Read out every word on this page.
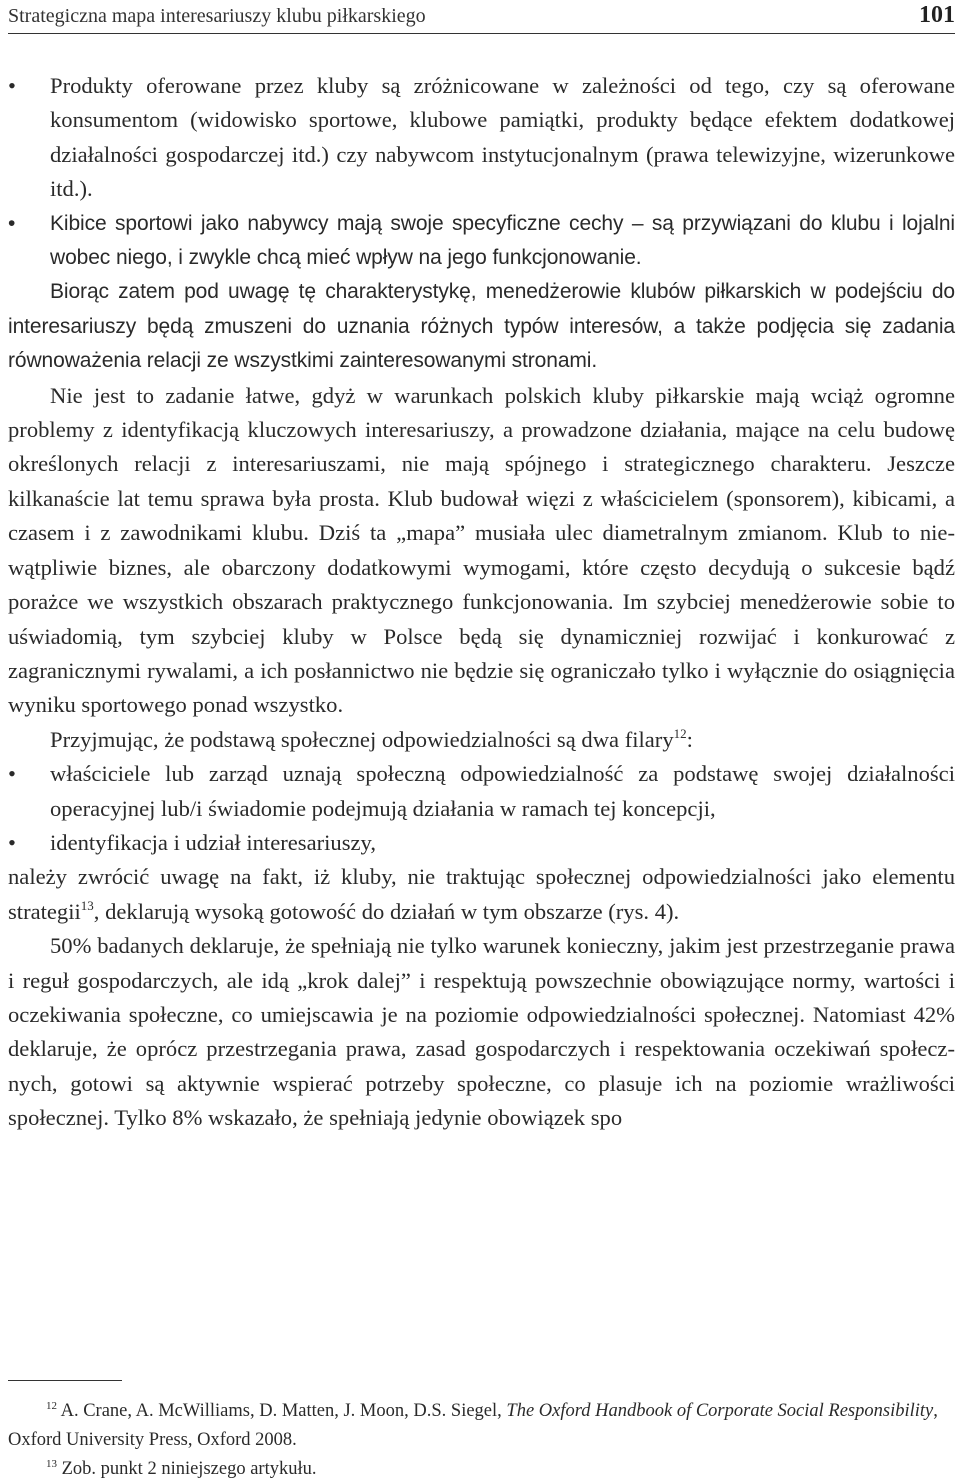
Strategiczna mapa interesariuszy klubu piłkarskiego	101

•	Produkty oferowane przez kluby są zróżnicowane w zależności od tego, czy są oferowane konsumentom (widowisko sportowe, klubowe pamiątki, produkty będące efektem dodatkowej działalności gospodarczej itd.) czy nabywcom instytucjonalnym (prawa telewizyjne, wizerunkowe itd.).

•	Kibice sportowi jako nabywcy mają swoje specyficzne cechy – są przywiązani do klubu i lojalni wobec niego, i zwykle chcą mieć wpływ na jego funkcjonowanie.

Biorąc zatem pod uwagę tę charakterystykę, menedżerowie klubów piłkarskich w podejściu do interesariuszy będą zmuszeni do uznania różnych typów interesów, a także podjęcia się zadania równoważenia relacji ze wszystkimi zainteresowanymi stronami.

Nie jest to zadanie łatwe, gdyż w warunkach polskich kluby piłkarskie mają wciąż ogromne problemy z identyfikacją kluczowych interesariuszy, a prowadzone działania, mające na celu budowę określonych relacji z interesariuszami, nie mają spójnego i strategicznego charakteru. Jeszcze kilkanaście lat temu sprawa była prosta. Klub budował więzi z właścicielem (sponsorem), kibicami, a czasem i z zawodnikami klubu. Dziś ta „mapa” musiała ulec diametralnym zmianom. Klub to niewątpliwie biznes, ale obarczony dodatkowymi wymogami, które często decydują o sukcesie bądź porażce we wszystkich obszarach praktycznego funkcjonowania. Im szybciej menedżerowie sobie to uświadomią, tym szybciej kluby w Polsce będą się dynamiczniej rozwijać i konkurować z zagranicznymi rywalami, a ich posłannictwo nie będzie się ograniczało tylko i wyłącznie do osiągnięcia wyniku sportowego ponad wszystko.

Przyjmując, że podstawą społecznej odpowiedzialności są dwa filary$^{12}$:

•	właściciele lub zarząd uznają społeczną odpowiedzialność za podstawę swojej działalności operacyjnej lub/i świadomie podejmują działania w ramach tej koncepcji,

•	identyfikacja i udział interesariuszy,

należy zwrócić uwagę na fakt, iż kluby, nie traktując społecznej odpowiedzialności jako elementu strategii$^{13}$, deklarują wysoką gotowość do działań w tym obszarze (rys. 4).

50% badanych deklaruje, że spełniają nie tylko warunek konieczny, jakim jest przestrzeganie prawa i reguł gospodarczych, ale idą „krok dalej” i respektują powszechnie obowiązujące normy, wartości i oczekiwania społeczne, co umiejscawia je na poziomie odpowiedzialności społecznej. Natomiast 42% deklaruje, że oprócz przestrzegania prawa, zasad gospodarczych i respektowania oczekiwań społecznych, gotowi są aktywnie wspierać potrzeby społeczne, co plasuje ich na poziomie wrażliwości społecznej. Tylko 8% wskazało, że spełniają jedynie obowiązek spo

$^{12}$ A. Crane, A. McWilliams, D. Matten, J. Moon, D.S. Siegel, The Oxford Handbook of Corporate Social Responsibility, Oxford University Press, Oxford 2008.

$^{13}$ Zob. punkt 2 niniejszego artykułu.
